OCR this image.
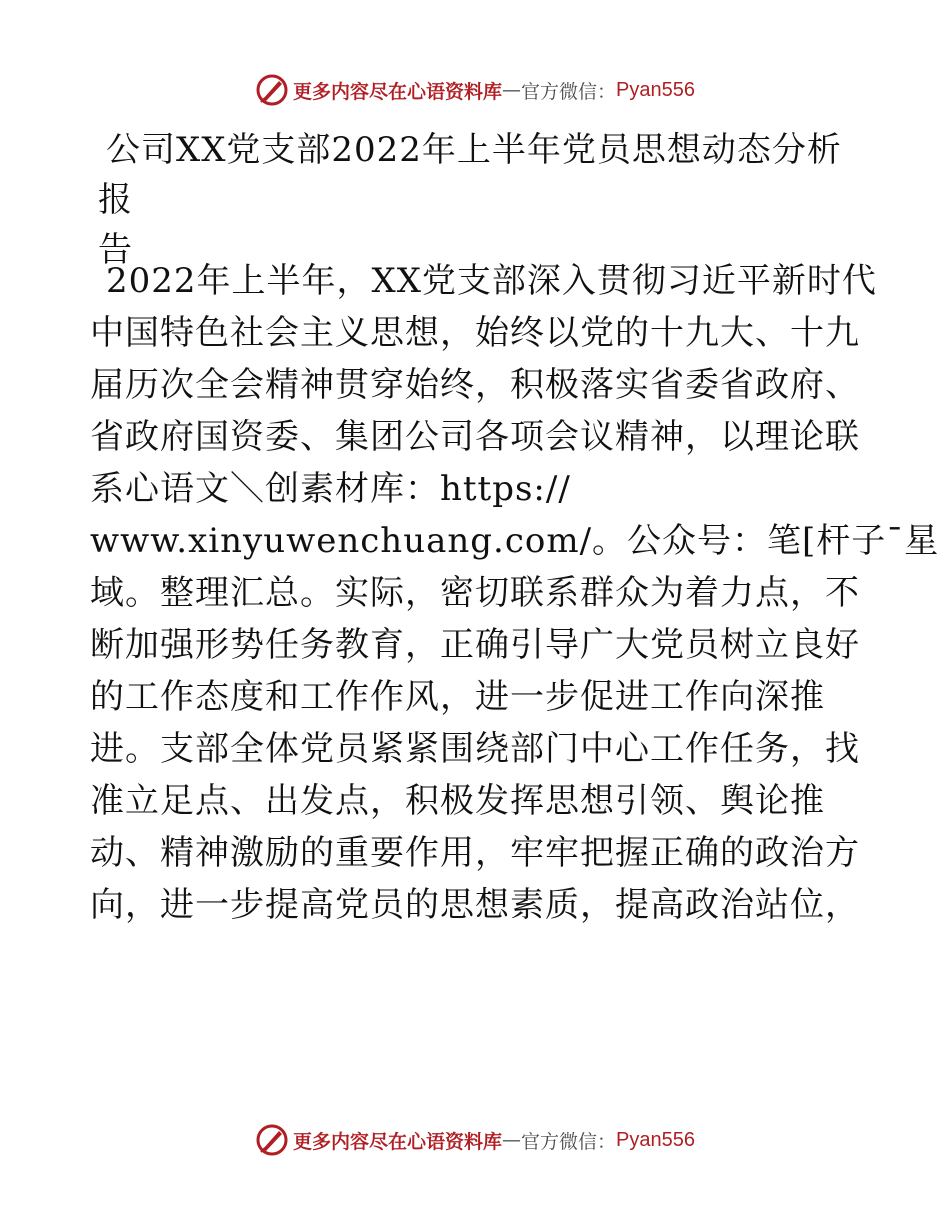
更多内容尽在心语资料库 — 官方微信： Pyan556
公司XX党支部2022年上半年党员思想动态分析报
告
2022年上半年，XX党支部深入贯彻习近平新时代
中国特色社会主义思想，始终以党的十九大、十九
届历次全会精神贯穿始终，积极落实省委省政府、
省政府国资委、集团公司各项会议精神，以理论联
系心语文＼创素材库：https://
www.xinyuwenchuang.com/。公众号：笔[杆子¯星
域。整理汇总。实际，密切联系群众为着力点，不
断加强形势任务教育，正确引导广大党员树立良好
的工作态度和工作作风，进一步促进工作向深推
进。支部全体党员紧紧围绕部门中心工作任务，找
准立足点、出发点，积极发挥思想引领、舆论推
动、精神激励的重要作用，牢牢把握正确的政治方
向，进一步提高党员的思想素质，提高政治站位，
更多内容尽在心语资料库 — 官方微信： Pyan556
